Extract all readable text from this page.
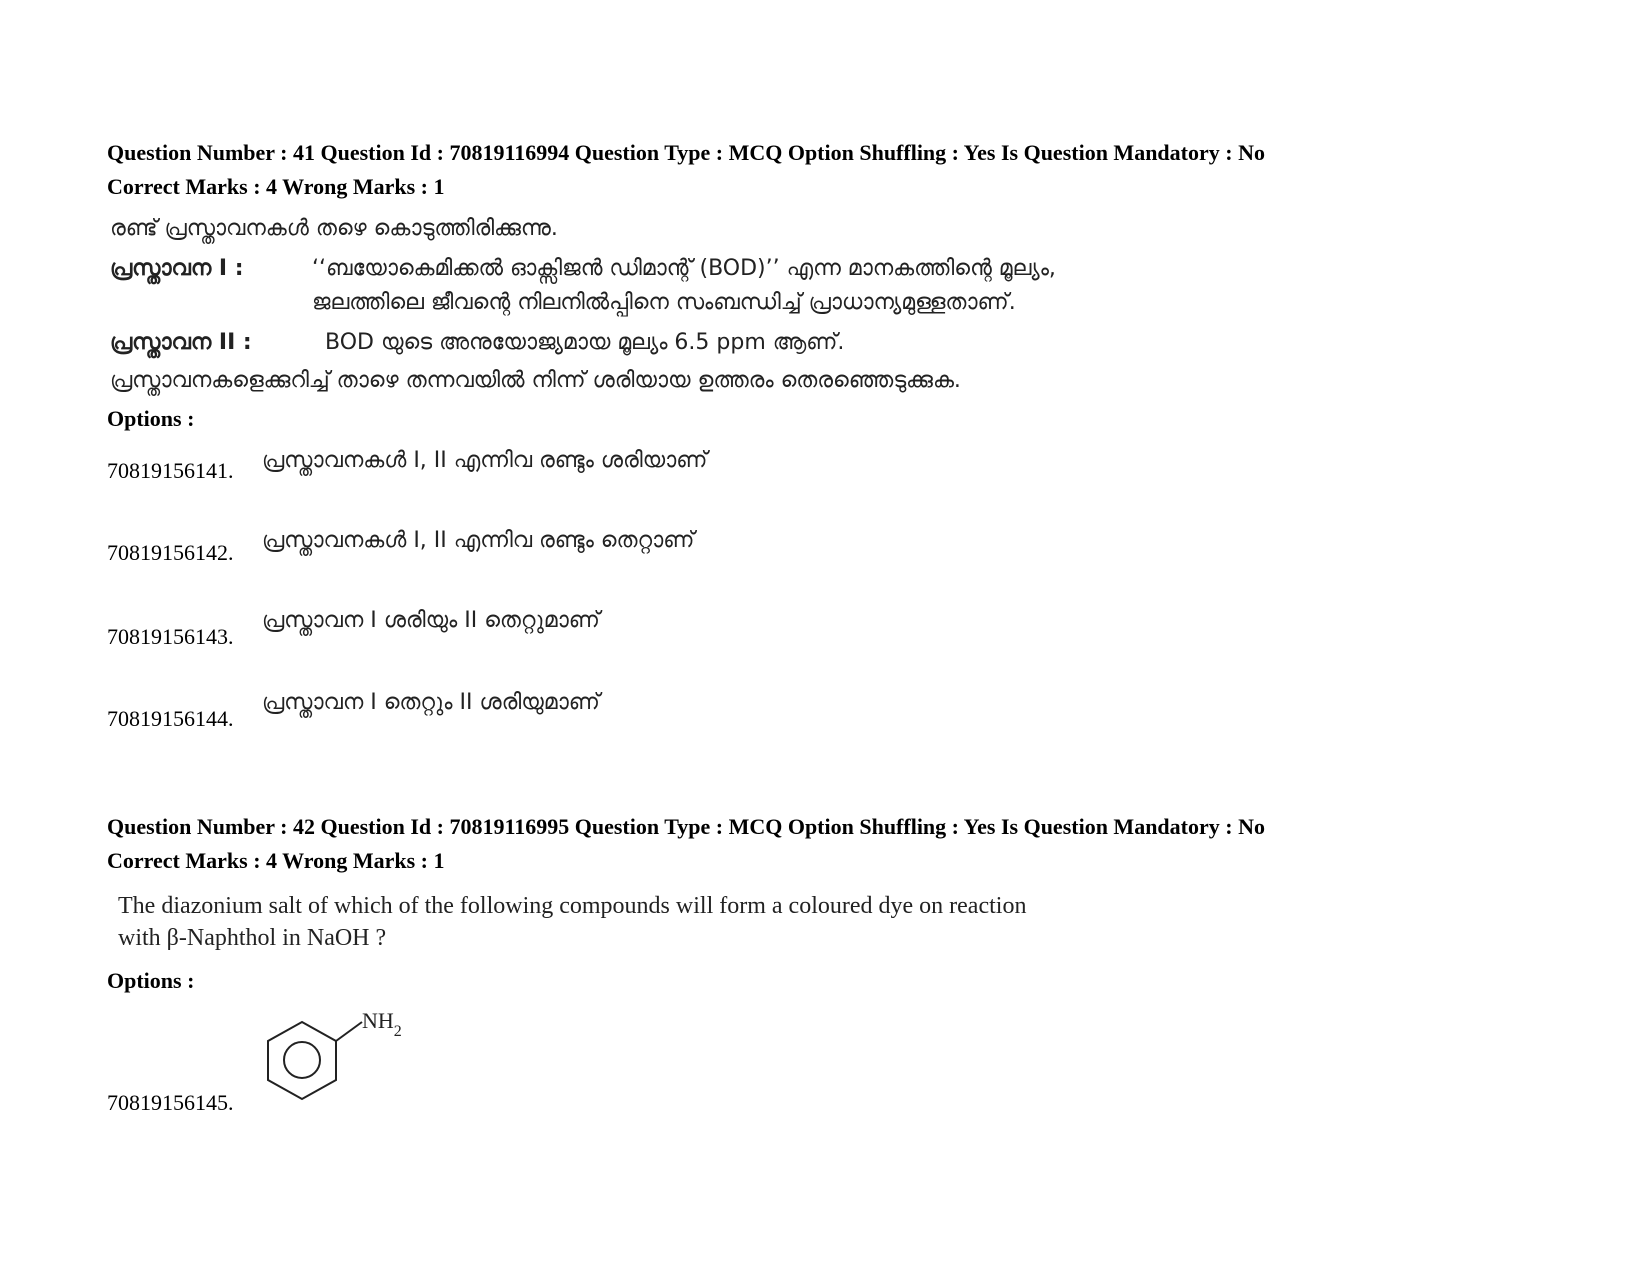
Question Number : 41 Question Id : 70819116994 Question Type : MCQ Option Shuffling : Yes Is Question Mandatory : No
Correct Marks : 4 Wrong Marks : 1
രണ്ട് പ്രസ്താവനകൾ തഴെ കൊടുത്തിരിക്കുന്നു.
പ്രസ്താവന I :	‘‘ബയോകെമിക്കൽ ഓക്സിജൻ ഡിമാന്റ് (BOD)’’ എന്ന മാനകത്തിന്റെ മൂല്യം,
ജലത്തിലെ ജീവന്റെ നിലനിൽപ്പിനെ സംബന്ധിച്ച് പ്രാധാന്യമുള്ളതാണ്.
പ്രസ്താവന II :	BOD യുടെ അനുയോജ്യമായ മൂല്യം 6.5 ppm ആണ്.
പ്രസ്താവനകളെക്കുറിച്ച് താഴെ തന്നവയിൽ നിന്ന് ശരിയായ ഉത്തരം തെരഞ്ഞെടുക്കുക.
Options :
70819156141. പ്രസ്താവനകൾ I, II എന്നിവ രണ്ടും ശരിയാണ്
70819156142. പ്രസ്താവനകൾ I, II എന്നിവ രണ്ടും തെറ്റാണ്
70819156143.
പ്രസ്താവന I ശരിയും II തെറ്റുമാണ്
70819156144.
പ്രസ്താവന I തെറ്റും II ശരിയുമാണ്
Question Number : 42 Question Id : 70819116995 Question Type : MCQ Option Shuffling : Yes Is Question Mandatory : No
Correct Marks : 4 Wrong Marks : 1
The diazonium salt of which of the following compounds will form a coloured dye on reaction
with β-Naphthol in NaOH ?
Options :
70819156145.
$NH_2$
